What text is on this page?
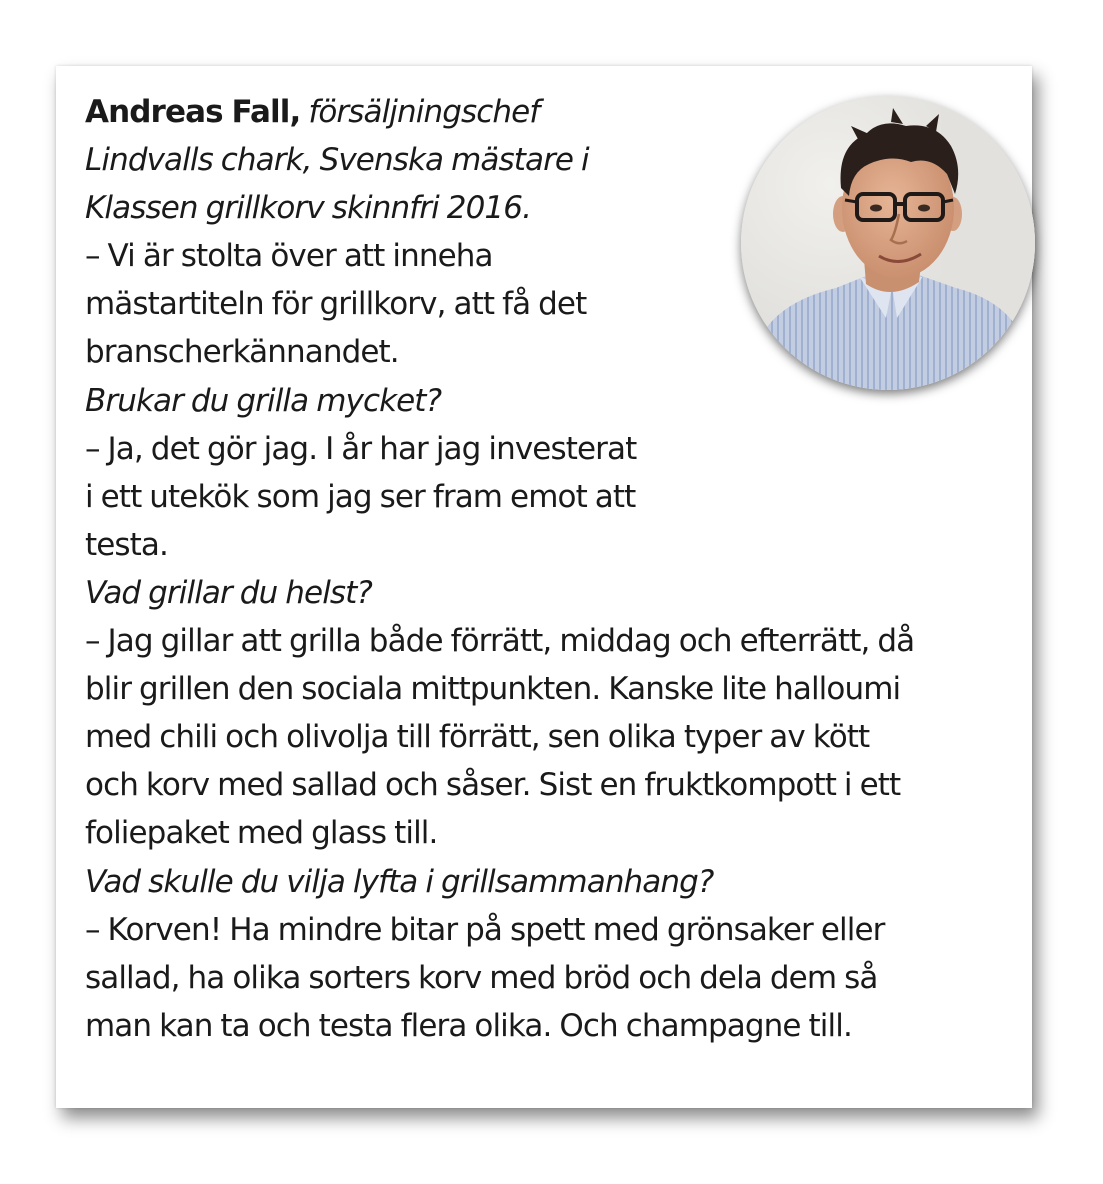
Andreas Fall, försäljningschef
Lindvalls chark, Svenska mästare i
Klassen grillkorv skinnfri 2016.
– Vi är stolta över att inneha
mästartiteln för grillkorv, att få det
branscherkännandet.
Brukar du grilla mycket?
– Ja, det gör jag. I år har jag investerat
i ett utekök som jag ser fram emot att
testa.
Vad grillar du helst?
– Jag gillar att grilla både förrätt, middag och efterrätt, då
blir grillen den sociala mittpunkten. Kanske lite halloumi
med chili och olivolja till förrätt, sen olika typer av kött
och korv med sallad och såser. Sist en fruktkompott i ett
foliepaket med glass till.
Vad skulle du vilja lyfta i grillsammanhang?
– Korven! Ha mindre bitar på spett med grönsaker eller
sallad, ha olika sorters korv med bröd och dela dem så
man kan ta och testa flera olika. Och champagne till.
